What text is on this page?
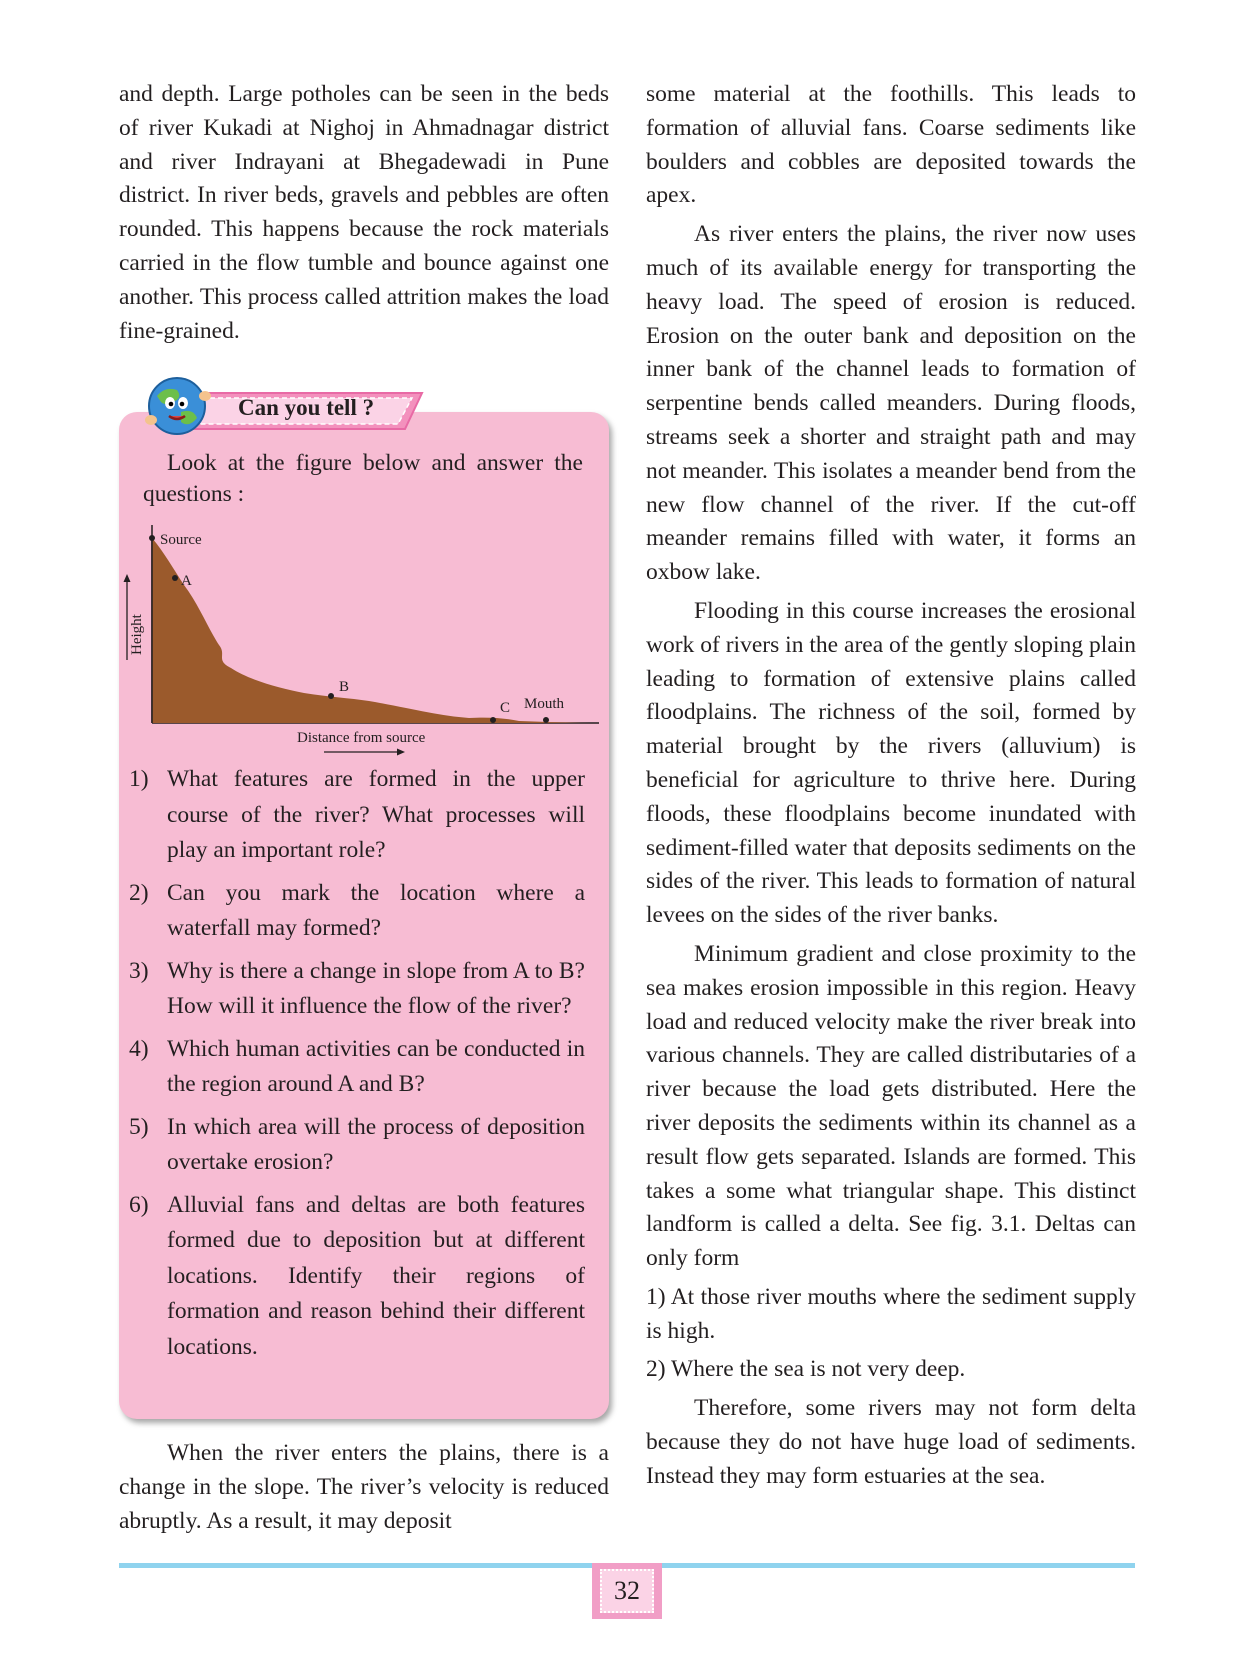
and depth. Large potholes can be seen in the beds of river Kukadi at Nighoj in Ahmadnagar district and river Indrayani at Bhegadewadi in Pune district. In river beds, gravels and pebbles are often rounded. This happens because the rock materials carried in the flow tumble and bounce against one another. This process called attrition makes the load fine-grained.

Can you tell ?

Look at the figure below and answer the questions :

Source
A
B
C Mouth
Distance from source
Height
1) What features are formed in the upper course of the river? What processes will play an important role?
2) Can you mark the location where a waterfall may formed?
3) Why is there a change in slope from A to B? How will it influence the flow of the river?
4) Which human activities can be conducted in the region around A and B?
5) In which area will the process of deposition overtake erosion?
6) Alluvial fans and deltas are both features formed due to deposition but at different locations. Identify their regions of formation and reason behind their different locations.

When the river enters the plains, there is a change in the slope. The river’s velocity is reduced abruptly. As a result, it may deposit

some material at the foothills. This leads to formation of alluvial fans. Coarse sediments like boulders and cobbles are deposited towards the apex.

As river enters the plains, the river now uses much of its available energy for transporting the heavy load. The speed of erosion is reduced. Erosion on the outer bank and deposition on the inner bank of the channel leads to formation of serpentine bends called meanders. During floods, streams seek a shorter and straight path and may not meander. This isolates a meander bend from the new flow channel of the river. If the cut-off meander remains filled with water, it forms an oxbow lake.

Flooding in this course increases the erosional work of rivers in the area of the gently sloping plain leading to formation of extensive plains called floodplains. The richness of the soil, formed by material brought by the rivers (alluvium) is beneficial for agriculture to thrive here. During floods, these floodplains become inundated with sediment-filled water that deposits sediments on the sides of the river. This leads to formation of natural levees on the sides of the river banks.

Minimum gradient and close proximity to the sea makes erosion impossible in this region. Heavy load and reduced velocity make the river break into various channels. They are called distributaries of a river because the load gets distributed. Here the river deposits the sediments within its channel as a result flow gets separated. Islands are formed. This takes a some what triangular shape. This distinct landform is called a delta. See fig. 3.1. Deltas can only form

1) At those river mouths where the sediment supply is high.

2) Where the sea is not very deep.

Therefore, some rivers may not form delta because they do not have huge load of sediments. Instead they may form estuaries at the sea.

32
